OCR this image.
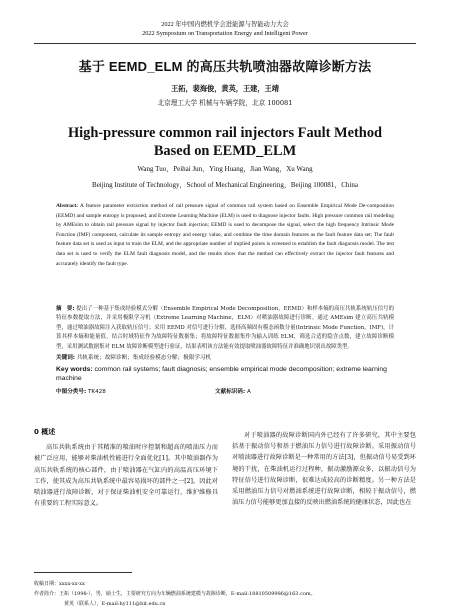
2022 年中国内燃机学会进能源与智能动力大会
2022 Symposium on Transportation Energy and Intelligent Power
基于 EEMD_ELM 的高压共轨喷油器故障诊断方法
王拓，裴海俊，黄英，王建，王靖
北京理工大学 机械与车辆学院，北京 100081
High-pressure common rail injectors Fault Method
Based on EEMD_ELM
Wang Tuo，Peihai Jun，Ying Huang，Jian Wang，Xu Wang
Beijing Institute of Technology，School of Mechanical Engineering，Beijing 100081，China
Abstract: A feature parameter extraction method of rail pressure signal of common rail system based on Ensemble Empirical Mode De-composition (EEMD) and sample entropy is proposed, and Extreme Learning Machine (ELM) is used to diagnose injector faults. High pressure common rail modeling by AMEsim to obtain rail pressure signal by injector fault injection; EEMD is used to decompose the signal, select the high frequency Intrinsic Mode Function (IMF) component, calculate its sample entropy and energy value, and combine the time domain features as the fault feature data set; The fault feature data set is used as input to train the ELM, and the appropriate number of implied points is screened to establish the fault diagnosis model. The test data set is used to verify the ELM fault diagnosis model, and the results show that the method can effectively extract the injector fault features and accurately identify the fault type.
摘　要: 提出了一种基于集成经验模式分解（Ensemble Empirical Mode Decomposition，EEMD）和样本熵的高压共轨系统轨压信号的特征参数提取方法，并采用极限学习机（Extreme Learning Machine，ELM）对喷油器故障进行诊断。通过 AMEsim 建立高压共轨模型，通过喷油器故障注入获取轨压信号；采用 EEMD 对信号进行分解，选择高频固有模态函数分量(Intrinsic Mode Function，IMF)，计算其样本熵和能量值，结合时域特征作为故障特征数据集；将故障特征数据集作为输入训练 ELM，筛选合适的隐含点数，建立故障诊断模型，采用测试数据集对 ELM 故障诊断模型进行验证，结果表明该方法能有效提取喷油器故障特征并准确地识别出故障类型。
关键词: 共轨系统；故障诊断；集成经验模态分解；极限学习机
Key words: common rail systems; fault diagnosis; ensemble empirical mode decomposition; extreme learning machine
中图分类号: TK428	文献标识码: A
0 概述

高压共轨系统由于其精准的喷油时序控制和超高的喷油压力而被广泛应用，能够对柴油机性能进行全面优化[1]。其中喷油器作为高压共轨系统的核心部件，由于喷油器在气缸内的高温高压环境下工作，使其成为高压共轨系统中最容易损坏的部件之一[2]。因此对喷油器进行故障诊断，对于保证柴油机安全可靠运行，维护维修具有重要的工程实际意义。

对于喷油器的故障诊断国内外已经有了许多研究，其中主要包括基于振动信号和基于燃油压力信号进行故障诊断。采用振动信号对喷油器进行故障诊断是一种常用的方法[3]，但振动信号易受到环境的干扰，在柴油机运行过程种，振动激励源众多，以振动信号为特征信号进行故障诊断，很难达成较高的诊断精度。另一种方法是采用燃油压力信号对燃油系统进行故障诊断，相较于振动信号，燃油压力信号能够更加直接的反映出燃油系统的健康状态，因此也在

收稿日期：xxxx-xx-xx
作者简介：王拓（1998-），男，硕士生，主要研究方向为车辆燃油系统建模与故障诊断，E-mail:18810509986@163.com。
黄英（联系人），E-mail:hy111@bit.edu.cn
